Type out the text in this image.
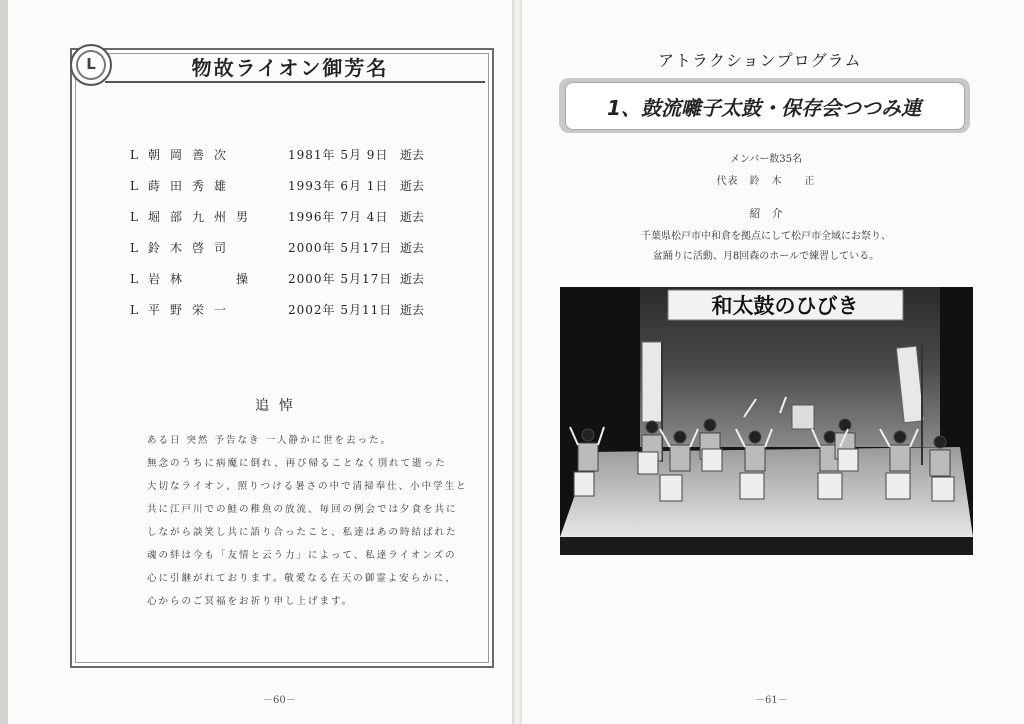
L	物故ライオン御芳名
L朝岡善次	1981年 5月 9日 逝去
L蒔田秀雄	1993年 6月 1日 逝去
L堀部九州男	1996年 7月 4日 逝去
L鈴木啓司	2000年 5月17日 逝去
L岩林　　操	2000年 5月17日 逝去
L平野栄一	2002年 5月11日 逝去
追悼
ある日 突然 予告なき 一人静かに世を去った。
無念のうちに病魔に倒れ、再び帰ることなく別れて逝った
大切なライオン、照りつける暑さの中で清掃奉仕、小中学生と
共に江戸川での鮭の稚魚の放流、毎回の例会では夕食を共に
しながら談笑し共に語り合ったこと、私達はあの時結ばれた
魂の絆は今も「友情と云う力」によって、私達ライオンズの
心に引継がれております。敬愛なる在天の御霊よ安らかに、
心からのご冥福をお祈り申し上げます。
－60－
アトラクションプログラム
1、鼓流囃子太鼓・保存会つつみ連
メンバー数35名
代表　鈴　木　　正
紹　介
千葉県松戸市中和倉を拠点にして松戸市全域にお祭り、
盆踊りに活動、月8回森のホールで練習している。
和太鼓のひびき
－61－
